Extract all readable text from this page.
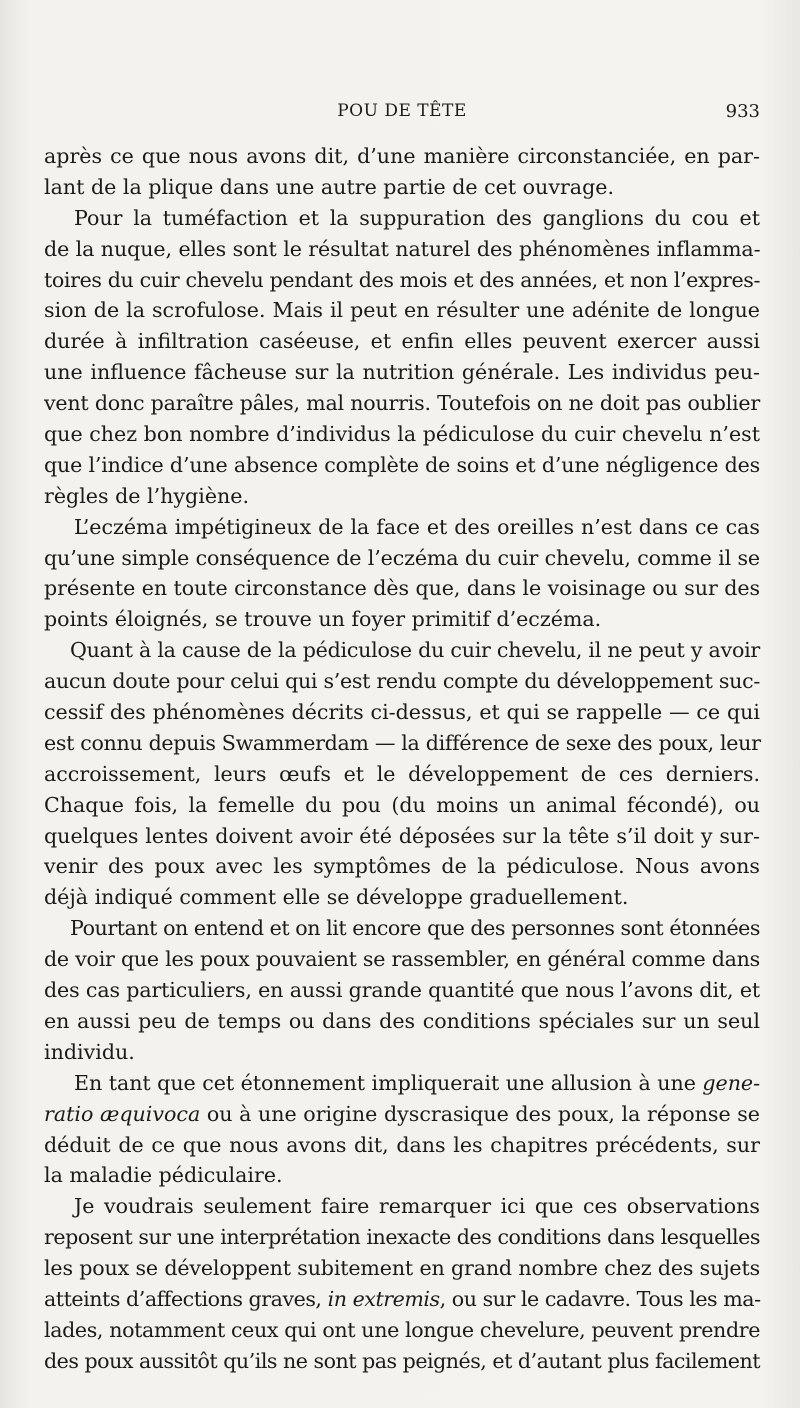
POU DE TÊTE	933
après ce que nous avons dit, d’une manière circonstanciée, en par-
lant de la plique dans une autre partie de cet ouvrage.
Pour la tuméfaction et la suppuration des ganglions du cou et
de la nuque, elles sont le résultat naturel des phénomènes inflamma-
toires du cuir chevelu pendant des mois et des années, et non l’expres-
sion de la scrofulose. Mais il peut en résulter une adénite de longue
durée à infiltration caséeuse, et enfin elles peuvent exercer aussi
une influence fâcheuse sur la nutrition générale. Les individus peu-
vent donc paraître pâles, mal nourris. Toutefois on ne doit pas oublier
que chez bon nombre d’individus la pédiculose du cuir chevelu n’est
que l’indice d’une absence complète de soins et d’une négligence des
règles de l’hygiène.
L’eczéma impétigineux de la face et des oreilles n’est dans ce cas
qu’une simple conséquence de l’eczéma du cuir chevelu, comme il se
présente en toute circonstance dès que, dans le voisinage ou sur des
points éloignés, se trouve un foyer primitif d’eczéma.
Quant à la cause de la pédiculose du cuir chevelu, il ne peut y avoir
aucun doute pour celui qui s’est rendu compte du développement suc-
cessif des phénomènes décrits ci-dessus, et qui se rappelle — ce qui
est connu depuis Swammerdam — la différence de sexe des poux, leur
accroissement, leurs œufs et le développement de ces derniers.
Chaque fois, la femelle du pou (du moins un animal fécondé), ou
quelques lentes doivent avoir été déposées sur la tête s’il doit y sur-
venir des poux avec les symptômes de la pédiculose. Nous avons
déjà indiqué comment elle se développe graduellement.
Pourtant on entend et on lit encore que des personnes sont étonnées
de voir que les poux pouvaient se rassembler, en général comme dans
des cas particuliers, en aussi grande quantité que nous l’avons dit, et
en aussi peu de temps ou dans des conditions spéciales sur un seul
individu.
En tant que cet étonnement impliquerait une allusion à une gene-
ratio æquivoca ou à une origine dyscrasique des poux, la réponse se
déduit de ce que nous avons dit, dans les chapitres précédents, sur
la maladie pédiculaire.
Je voudrais seulement faire remarquer ici que ces observations
reposent sur une interprétation inexacte des conditions dans lesquelles
les poux se développent subitement en grand nombre chez des sujets
atteints d’affections graves, in extremis, ou sur le cadavre. Tous les ma-
lades, notamment ceux qui ont une longue chevelure, peuvent prendre
des poux aussitôt qu’ils ne sont pas peignés, et d’autant plus facilement
